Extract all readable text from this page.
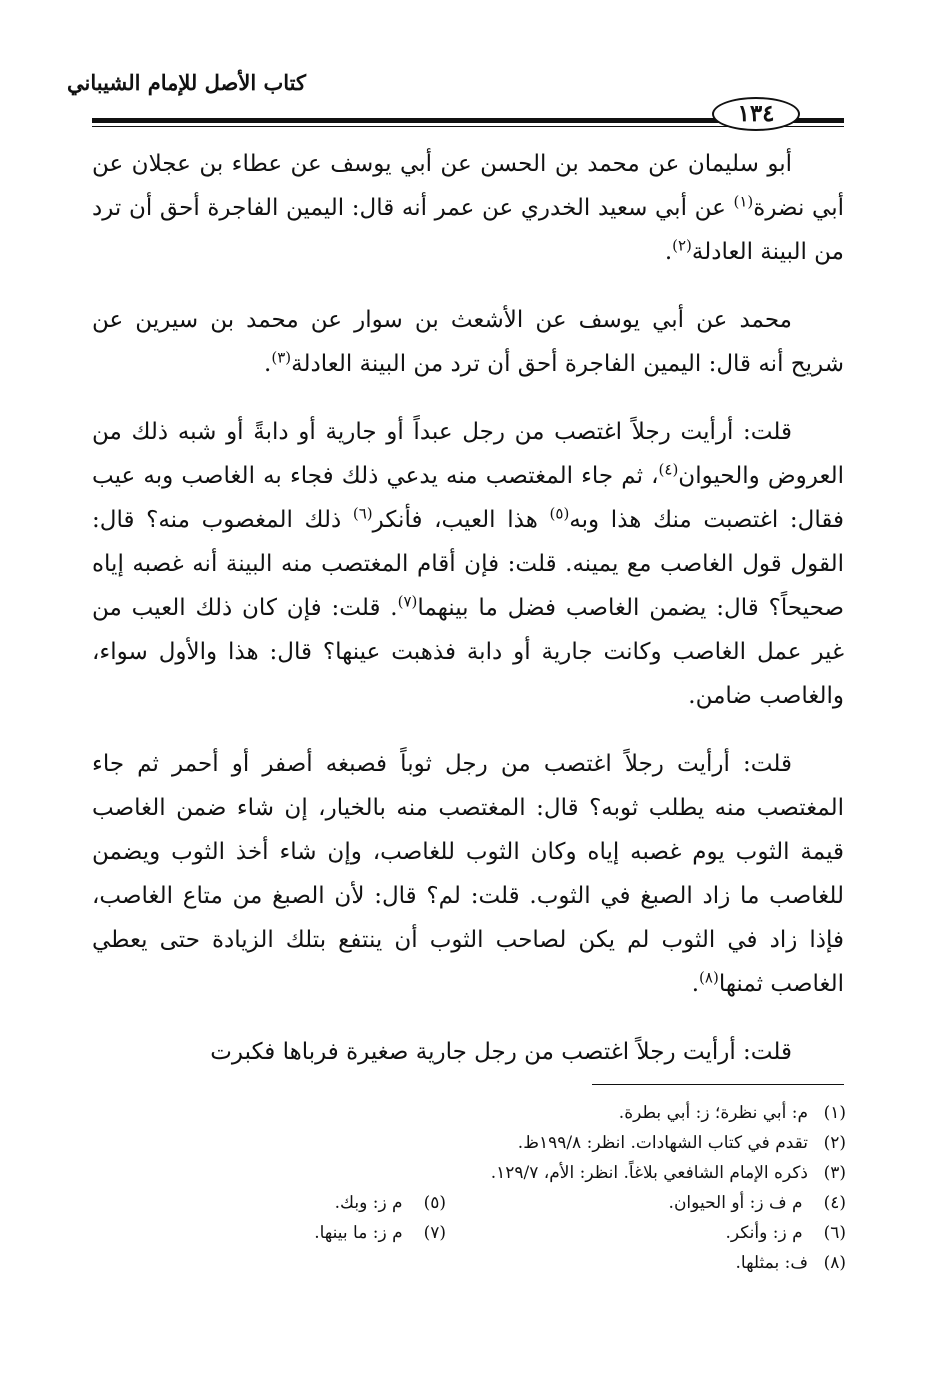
كتاب الأصل للإمام الشيباني
١٣٤

أبو سليمان عن محمد بن الحسن عن أبي يوسف عن عطاء بن عجلان عن أبي نضرة$^{(١)}$ عن أبي سعيد الخدري عن عمر أنه قال: اليمين الفاجرة أحق أن ترد من البينة العادلة$^{(٢)}$.

محمد عن أبي يوسف عن الأشعث بن سوار عن محمد بن سيرين عن شريح أنه قال: اليمين الفاجرة أحق أن ترد من البينة العادلة$^{(٣)}$.

قلت: أرأيت رجلاً اغتصب من رجل عبداً أو جارية أو دابةً أو شبه ذلك من العروض والحيوان$^{(٤)}$، ثم جاء المغتصب منه يدعي ذلك فجاء به الغاصب وبه عيب فقال: اغتصبت منك هذا وبه$^{(٥)}$ هذا العيب، فأنكر$^{(٦)}$ ذلك المغصوب منه؟ قال: القول قول الغاصب مع يمينه. قلت: فإن أقام المغتصب منه البينة أنه غصبه إياه صحيحاً؟ قال: يضمن الغاصب فضل ما بينهما$^{(٧)}$. قلت: فإن كان ذلك العيب من غير عمل الغاصب وكانت جارية أو دابة فذهبت عينها؟ قال: هذا والأول سواء، والغاصب ضامن.

قلت: أرأيت رجلاً اغتصب من رجل ثوباً فصبغه أصفر أو أحمر ثم جاء المغتصب منه يطلب ثوبه؟ قال: المغتصب منه بالخيار، إن شاء ضمن الغاصب قيمة الثوب يوم غصبه إياه وكان الثوب للغاصب، وإن شاء أخذ الثوب ويضمن للغاصب ما زاد الصبغ في الثوب. قلت: لم؟ قال: لأن الصبغ من متاع الغاصب، فإذا زاد في الثوب لم يكن لصاحب الثوب أن ينتفع بتلك الزيادة حتى يعطي الغاصب ثمنها$^{(٨)}$.

قلت: أرأيت رجلاً اغتصب من رجل جارية صغيرة فرباها فكبرت

(١)
م: أبي نظرة؛ ز: أبي بطرة.
(٢)
تقدم في كتاب الشهادات. انظر: ١٩٩/٨ظ.
(٣)
ذكره الإمام الشافعي بلاغاً. انظر: الأم، ١٢٩/٧.
(٤) م ف ز: أو الحيوان.
(٥) م ز: وبك.
(٦) م ز: وأنكر.
(٧) م ز: ما بينها.
(٨)
ف: بمثلها.
